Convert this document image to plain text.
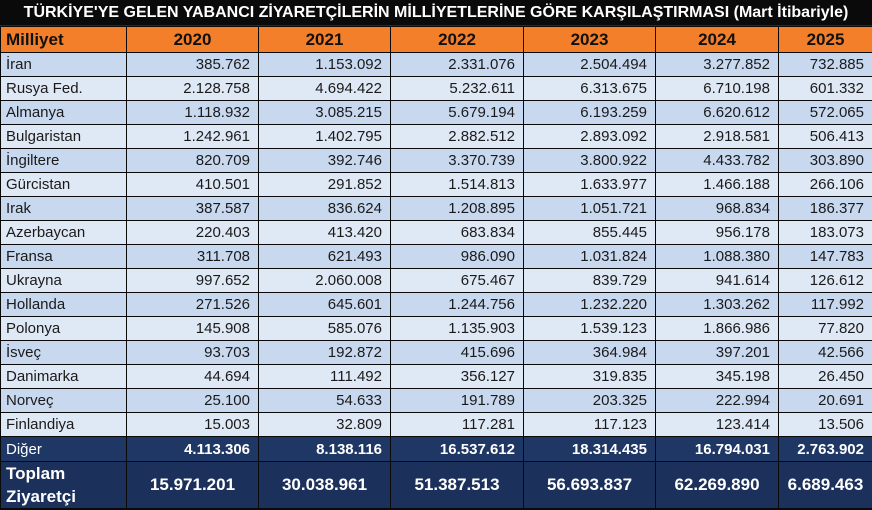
TÜRKİYE'YE GELEN YABANCI ZİYARETÇİLERİN MİLLİYETLERİNE GÖRE KARŞILAŞTIRMASI (Mart İtibariyle)
Milliyet	2020	2021	2022	2023	2024	2025
İran	385.762	1.153.092	2.331.076	2.504.494	3.277.852	732.885
Rusya Fed.	2.128.758	4.694.422	5.232.611	6.313.675	6.710.198	601.332
Almanya	1.118.932	3.085.215	5.679.194	6.193.259	6.620.612	572.065
Bulgaristan	1.242.961	1.402.795	2.882.512	2.893.092	2.918.581	506.413
İngiltere	820.709	392.746	3.370.739	3.800.922	4.433.782	303.890
Gürcistan	410.501	291.852	1.514.813	1.633.977	1.466.188	266.106
Irak	387.587	836.624	1.208.895	1.051.721	968.834	186.377
Azerbaycan	220.403	413.420	683.834	855.445	956.178	183.073
Fransa	311.708	621.493	986.090	1.031.824	1.088.380	147.783
Ukrayna	997.652	2.060.008	675.467	839.729	941.614	126.612
Hollanda	271.526	645.601	1.244.756	1.232.220	1.303.262	117.992
Polonya	145.908	585.076	1.135.903	1.539.123	1.866.986	77.820
İsveç	93.703	192.872	415.696	364.984	397.201	42.566
Danimarka	44.694	111.492	356.127	319.835	345.198	26.450
Norveç	25.100	54.633	191.789	203.325	222.994	20.691
Finlandiya	15.003	32.809	117.281	117.123	123.414	13.506
Diğer	4.113.306	8.138.116	16.537.612	18.314.435	16.794.031	2.763.902
Toplam Ziyaretçi	15.971.201	30.038.961	51.387.513	56.693.837	62.269.890	6.689.463
